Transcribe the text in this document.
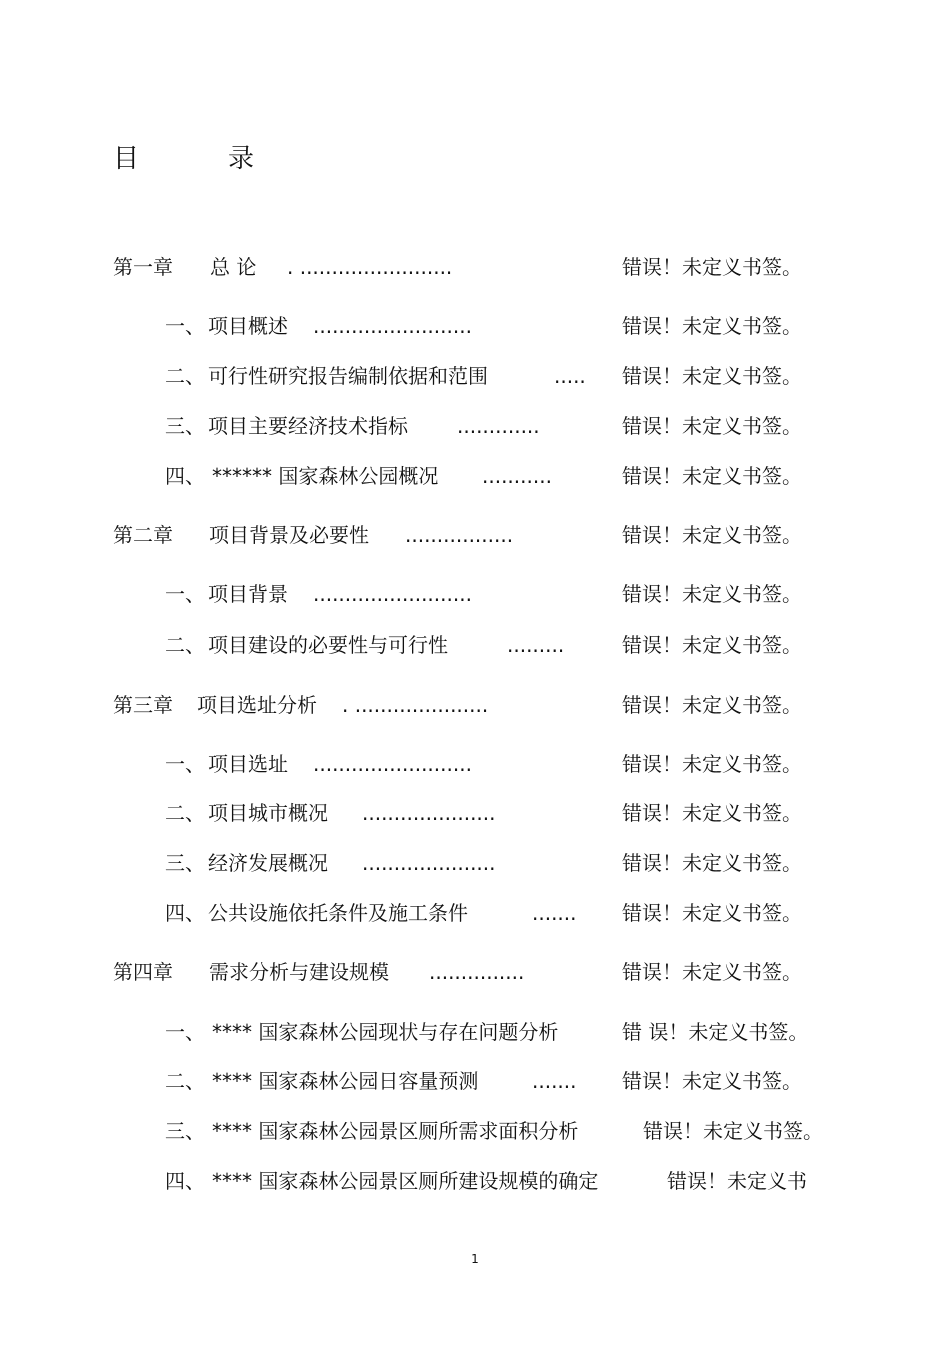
目	录
第一章 总 论 . ........................	错误！未定义书签。
一、 项目概述 .........................	错误！未定义书签。
二、 可行性研究报告编制依据和范围	..... 错误！未定义书签。
三、 项目主要经济技术指标 .............	错误！未定义书签。
四、 ****** 国家森林公园概况 ...........	错误！未定义书签。
第二章 项目背景及必要性 .................	错误！未定义书签。
一、 项目背景 .........................	错误！未定义书签。
二、 项目建设的必要性与可行性	.........	错误！未定义书签。
第三章 项目选址分析 . .....................	错误！未定义书签。
一、 项目选址 .........................	错误！未定义书签。
二、 项目城市概况 .....................	错误！未定义书签。
三、 经济发展概况 .....................	错误！未定义书签。
四、 公共设施依托条件及施工条件	....... 错误！未定义书签。
第四章 需求分析与建设规模 ...............	错误！未定义书签。
一、 **** 国家森林公园现状与存在问题分析	错 误！未定义书签。
二、 **** 国家森林公园日容量预测	....... 错误！未定义书签。
三、 **** 国家森林公园景区厕所需求面积分析	错误！未定义书签。
四、 **** 国家森林公园景区厕所建设规模的确定	错误！未定义书
1
